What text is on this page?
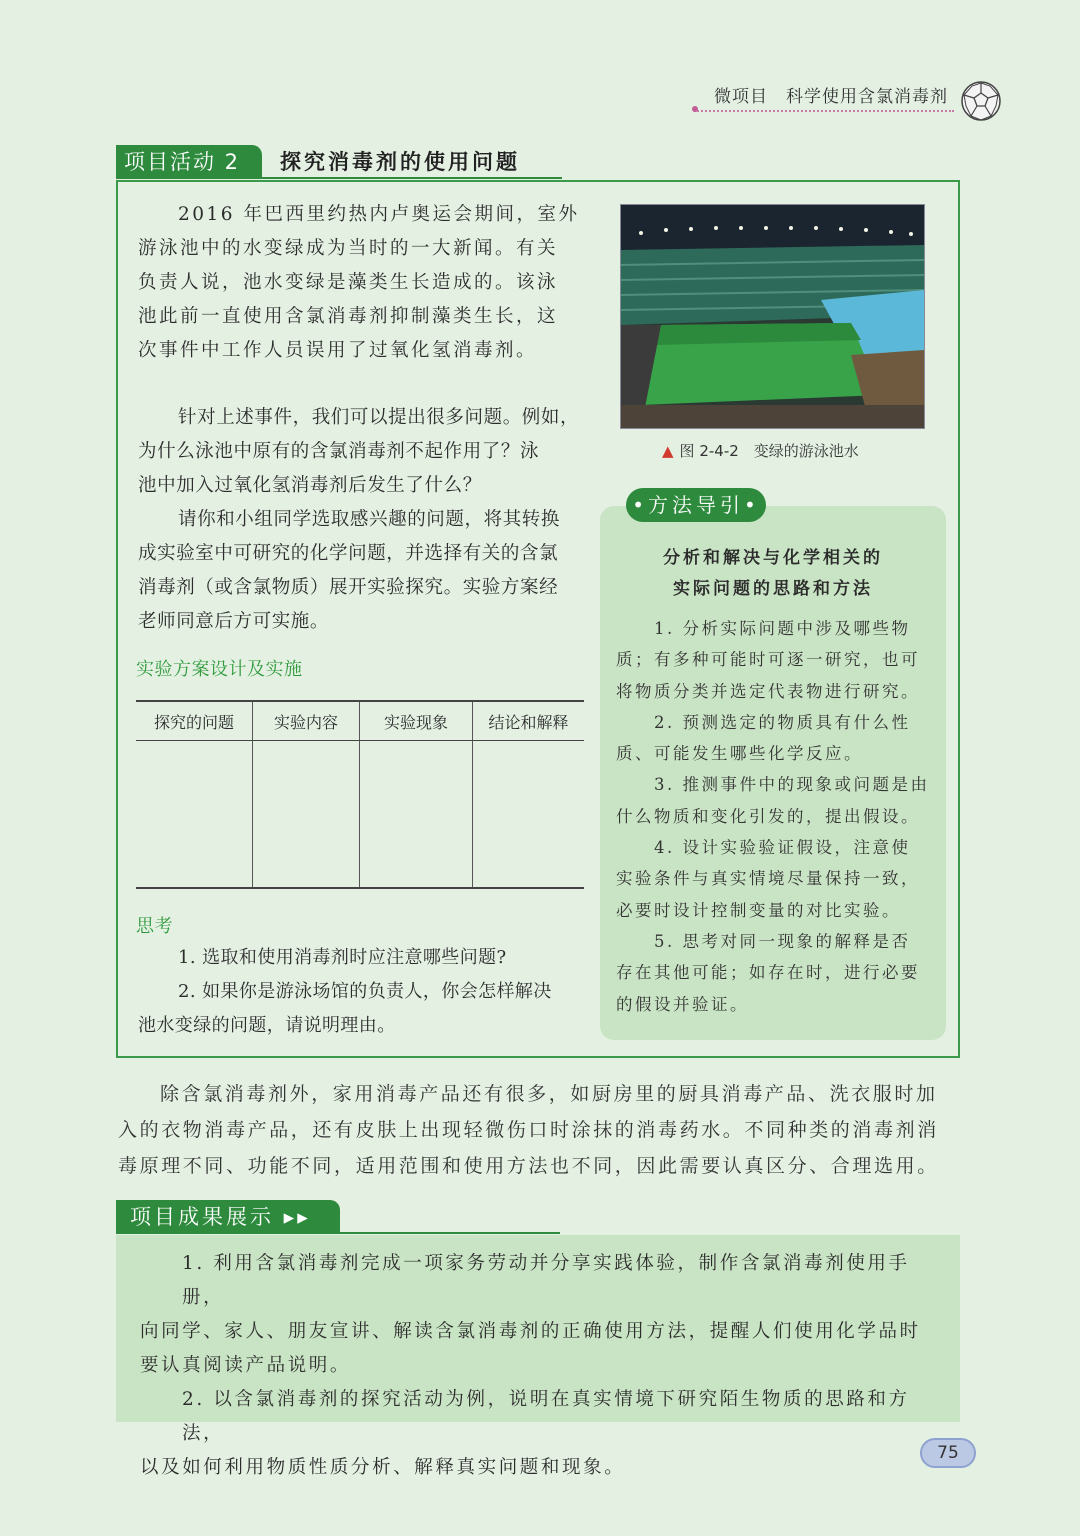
微项目　科学使用含氯消毒剂
项目活动 2	探究消毒剂的使用问题
2016 年巴西里约热内卢奥运会期间，室外
游泳池中的水变绿成为当时的一大新闻。有关
负责人说，池水变绿是藻类生长造成的。该泳
池此前一直使用含氯消毒剂抑制藻类生长，这
次事件中工作人员误用了过氧化氢消毒剂。
针对上述事件，我们可以提出很多问题。例如，
为什么泳池中原有的含氯消毒剂不起作用了？泳
池中加入过氧化氢消毒剂后发生了什么？
请你和小组同学选取感兴趣的问题，将其转换
成实验室中可研究的化学问题，并选择有关的含氯
消毒剂（或含氯物质）展开实验探究。实验方案经
老师同意后方可实施。
实验方案设计及实施
探究的问题	实验内容	实验现象	结论和解释

思考
1. 选取和使用消毒剂时应注意哪些问题?
2. 如果你是游泳场馆的负责人，你会怎样解决
池水变绿的问题，请说明理由。
▲ 图 2-4-2　变绿的游泳池水
•方法导引•
分析和解决与化学相关的
实际问题的思路和方法
1. 分析实际问题中涉及哪些物
质；有多种可能时可逐一研究，也可
将物质分类并选定代表物进行研究。
2. 预测选定的物质具有什么性
质、可能发生哪些化学反应。
3. 推测事件中的现象或问题是由
什么物质和变化引发的，提出假设。
4. 设计实验验证假设，注意使
实验条件与真实情境尽量保持一致，
必要时设计控制变量的对比实验。
5. 思考对同一现象的解释是否
存在其他可能；如存在时，进行必要
的假设并验证。
除含氯消毒剂外，家用消毒产品还有很多，如厨房里的厨具消毒产品、洗衣服时加
入的衣物消毒产品，还有皮肤上出现轻微伤口时涂抹的消毒药水。不同种类的消毒剂消
毒原理不同、功能不同，适用范围和使用方法也不同，因此需要认真区分、合理选用。
项目成果展示 ▸▸
1. 利用含氯消毒剂完成一项家务劳动并分享实践体验，制作含氯消毒剂使用手册，
向同学、家人、朋友宣讲、解读含氯消毒剂的正确使用方法，提醒人们使用化学品时
要认真阅读产品说明。
2. 以含氯消毒剂的探究活动为例，说明在真实情境下研究陌生物质的思路和方法，
以及如何利用物质性质分析、解释真实问题和现象。
75
